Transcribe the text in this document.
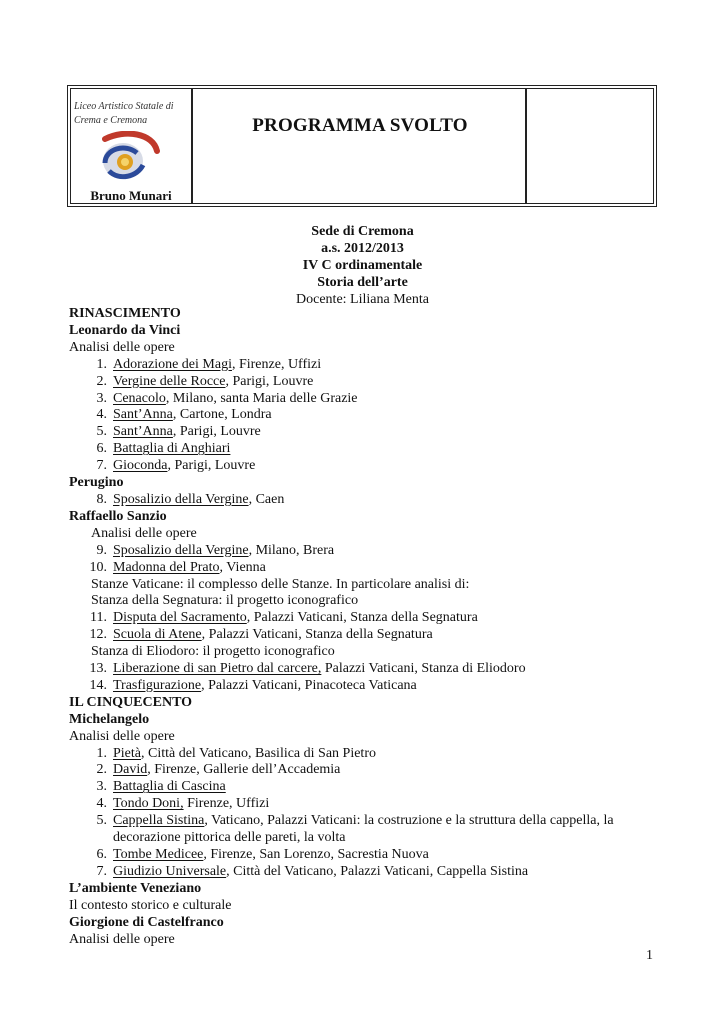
Liceo Artistico Statale di
Crema e Cremona
Bruno Munari
PROGRAMMA SVOLTO
Sede di Cremona
a.s. 2012/2013
IV C ordinamentale
Storia dell’arte
Docente: Liliana Menta
RINASCIMENTO
Leonardo da Vinci
Analisi delle opere
1. Adorazione dei Magi, Firenze, Uffizi
2. Vergine delle Rocce, Parigi, Louvre
3. Cenacolo, Milano, santa Maria delle Grazie
4. Sant’Anna, Cartone, Londra
5. Sant’Anna, Parigi, Louvre
6. Battaglia di Anghiari
7. Gioconda, Parigi, Louvre
Perugino
8. Sposalizio della Vergine, Caen
Raffaello Sanzio
Analisi delle opere
9. Sposalizio della Vergine, Milano, Brera
10. Madonna del Prato, Vienna
Stanze Vaticane: il complesso delle Stanze. In particolare analisi di:
Stanza della Segnatura: il progetto iconografico
11. Disputa del Sacramento, Palazzi Vaticani, Stanza della Segnatura
12. Scuola di Atene, Palazzi Vaticani, Stanza della Segnatura
Stanza di Eliodoro: il progetto iconografico
13. Liberazione di san Pietro dal carcere, Palazzi Vaticani, Stanza di Eliodoro
14. Trasfigurazione, Palazzi Vaticani, Pinacoteca Vaticana
IL CINQUECENTO
Michelangelo
Analisi delle opere
1. Pietà, Città del Vaticano, Basilica di San Pietro
2. David, Firenze, Gallerie dell’Accademia
3. Battaglia di Cascina
4. Tondo Doni, Firenze, Uffizi
5. Cappella Sistina, Vaticano, Palazzi Vaticani: la costruzione e la struttura della cappella, la
decorazione pittorica delle pareti, la volta
6. Tombe Medicee, Firenze, San Lorenzo, Sacrestia Nuova
7. Giudizio Universale, Città del Vaticano, Palazzi Vaticani, Cappella Sistina
L’ambiente Veneziano
Il contesto storico e culturale
Giorgione di Castelfranco
Analisi delle opere
1
